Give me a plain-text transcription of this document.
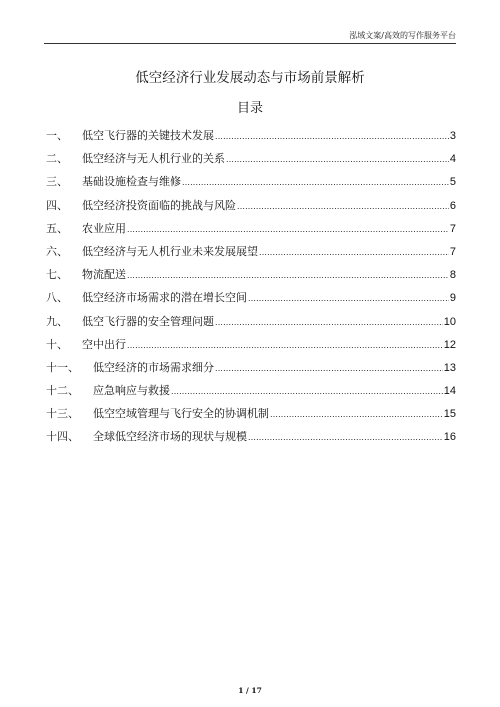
泓域文案/高效的写作服务平台
低空经济行业发展动态与市场前景解析
目录
一、	低空飞行器的关键技术发展 .....	3
二、	低空经济与无人机行业的关系 .....	4
三、	基础设施检查与维修 .....	5
四、	低空经济投资面临的挑战与风险 .....	6
五、	农业应用 .....	7
六、	低空经济与无人机行业未来发展展望 .....	7
七、	物流配送 .....	8
八、	低空经济市场需求的潜在增长空间 .....	9
九、	低空飞行器的安全管理问题 .....	10
十、	空中出行 .....	12
十一、	低空经济的市场需求细分 .....	13
十二、	应急响应与救援 .....	14
十三、	低空空域管理与飞行安全的协调机制 .....	15
十四、	全球低空经济市场的现状与规模 .....	16
1 / 17
